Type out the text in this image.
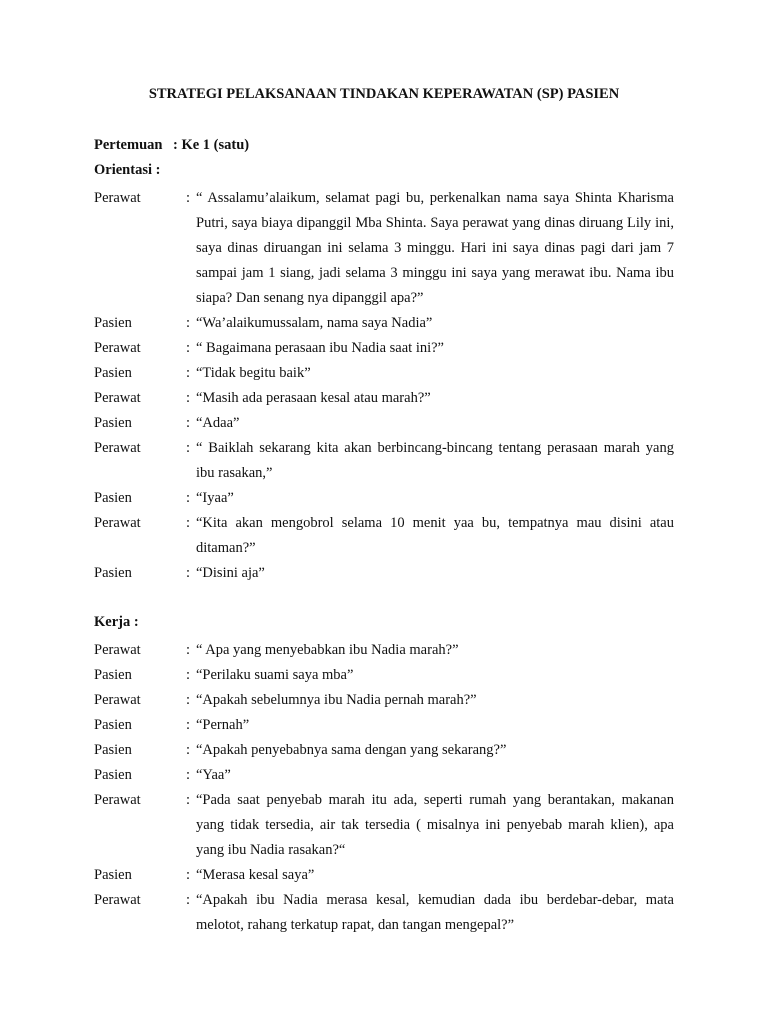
STRATEGI PELAKSANAAN TINDAKAN KEPERAWATAN (SP) PASIEN
Pertemuan : Ke 1 (satu)
Orientasi :
Perawat	: “ Assalamu’alaikum, selamat pagi bu, perkenalkan nama saya Shinta Kharisma Putri, saya biaya dipanggil Mba Shinta. Saya perawat yang dinas diruang Lily ini, saya dinas diruangan ini selama 3 minggu. Hari ini saya dinas pagi dari jam 7 sampai jam 1 siang, jadi selama 3 minggu ini saya yang merawat ibu. Nama ibu siapa? Dan senang nya dipanggil apa?”
Pasien	: “Wa’alaikumussalam, nama saya Nadia”
Perawat	: “ Bagaimana perasaan ibu Nadia saat ini?”
Pasien	: “Tidak begitu baik”
Perawat	: “Masih ada perasaan kesal atau marah?”
Pasien	: “Adaa”
Perawat	: “ Baiklah sekarang kita akan berbincang-bincang tentang perasaan marah yang ibu rasakan,”
Pasien	: “Iyaa”
Perawat	: “Kita akan mengobrol selama 10 menit yaa bu, tempatnya mau disini atau ditaman?”
Pasien	: “Disini aja”
Kerja :
Perawat	: “ Apa yang menyebabkan ibu Nadia marah?”
Pasien	: “Perilaku suami saya mba”
Perawat	: “Apakah sebelumnya ibu Nadia pernah marah?”
Pasien	: “Pernah”
Pasien	: “Apakah penyebabnya sama dengan yang sekarang?”
Pasien	: “Yaa”
Perawat	: “Pada saat penyebab marah itu ada, seperti rumah yang berantakan, makanan yang tidak tersedia, air tak tersedia ( misalnya ini penyebab marah klien), apa yang ibu Nadia rasakan?“
Pasien	: “Merasa kesal saya”
Perawat	: “Apakah ibu Nadia merasa kesal, kemudian dada ibu berdebar-debar, mata melotot, rahang terkatup rapat, dan tangan mengepal?”
